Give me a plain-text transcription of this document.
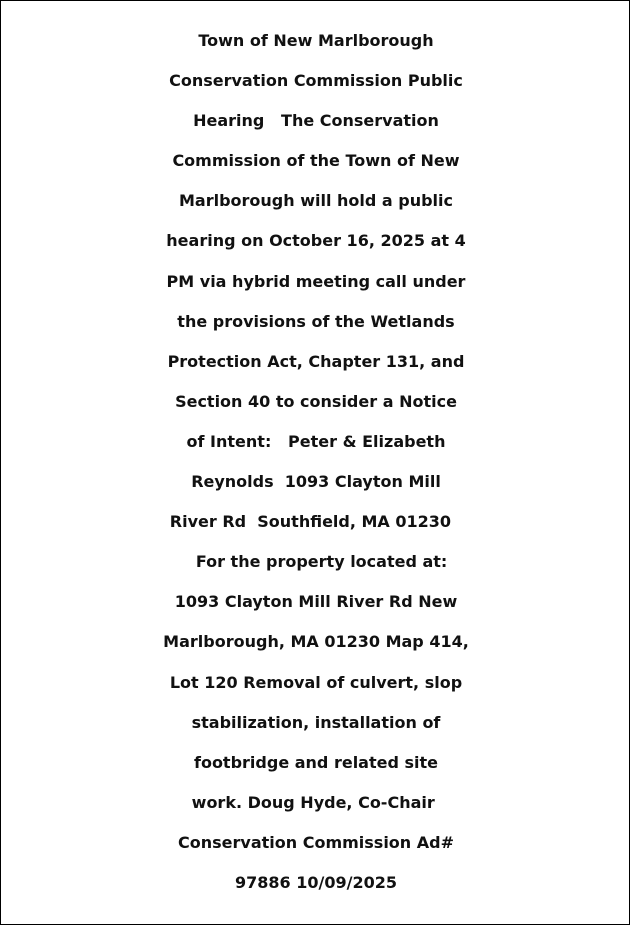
Town of New Marlborough
Conservation Commission Public
Hearing   The Conservation
Commission of the Town of New
Marlborough will hold a public
hearing on October 16, 2025 at 4
PM via hybrid meeting call under
the provisions of the Wetlands
Protection Act, Chapter 131, and
Section 40 to consider a Notice
of Intent:   Peter & Elizabeth
Reynolds  1093 Clayton Mill
River Rd  Southfield, MA 01230
For the property located at:
1093 Clayton Mill River Rd New
Marlborough, MA 01230 Map 414,
Lot 120 Removal of culvert, slop
stabilization, installation of
footbridge and related site
work. Doug Hyde, Co-Chair
Conservation Commission Ad#
97886 10/09/2025
